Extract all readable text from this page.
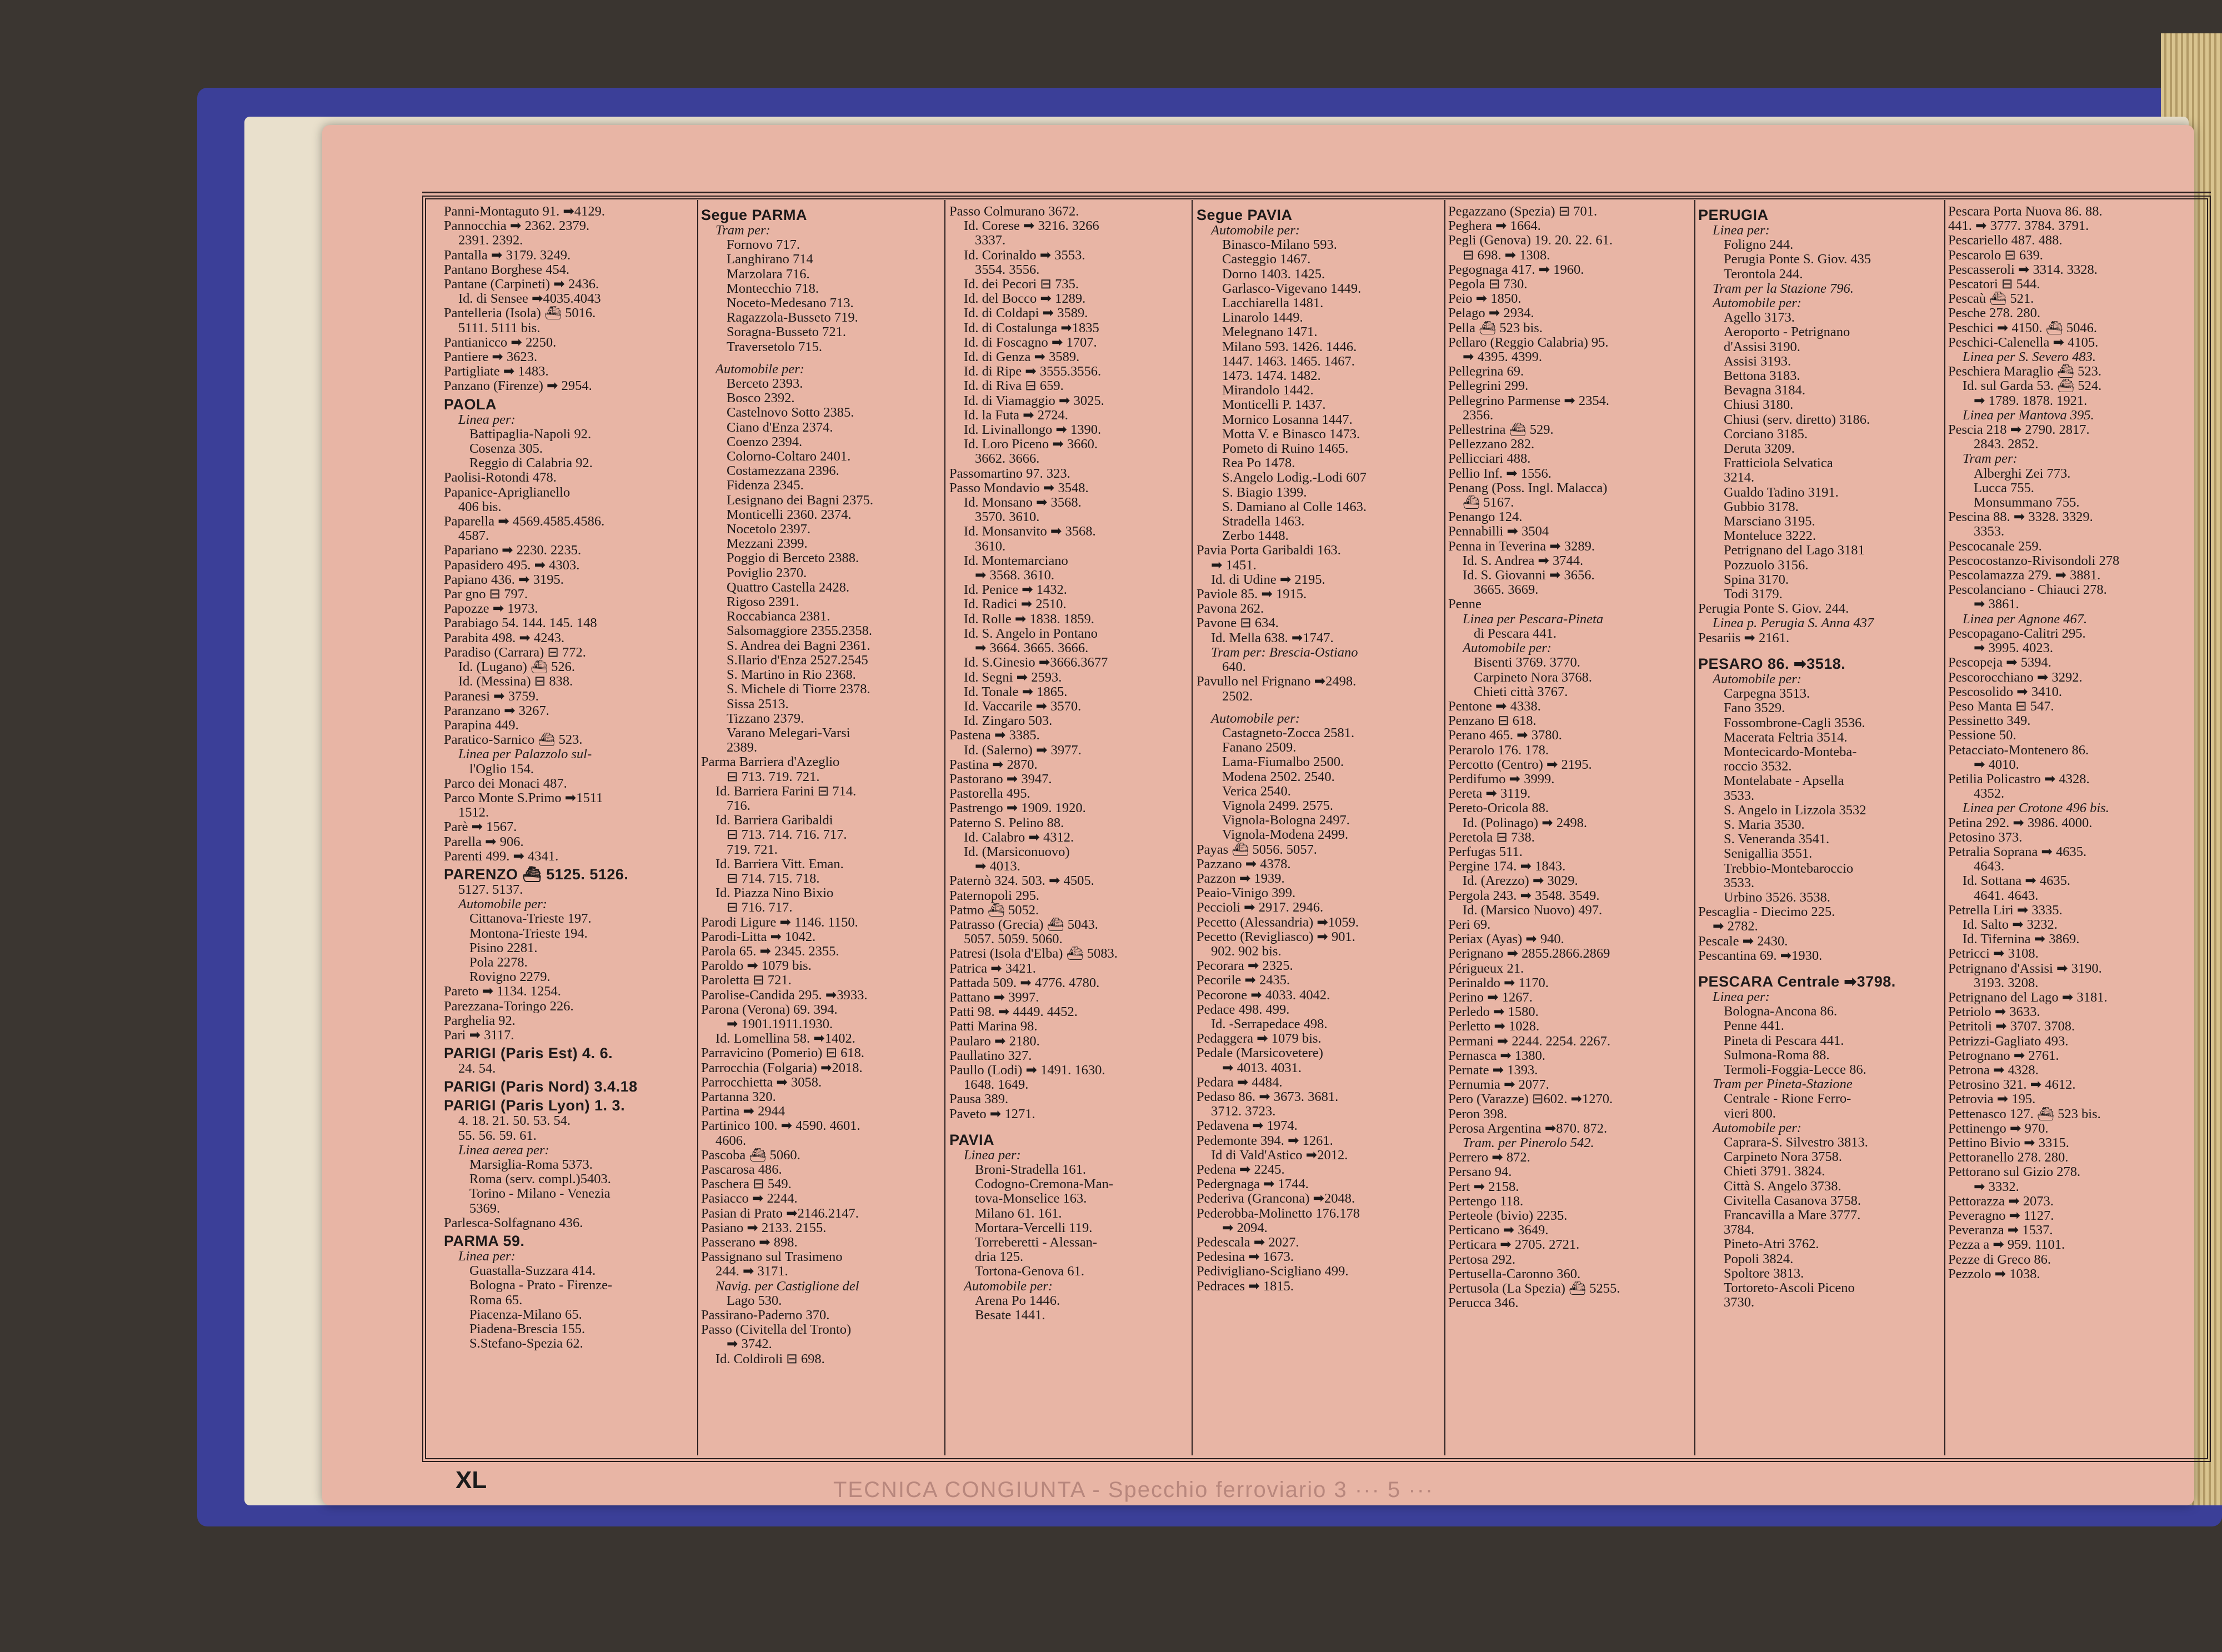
Panni-Montaguto 91. ➡4129.
Pannocchia ➡ 2362. 2379.
2391. 2392.
Pantalla ➡ 3179. 3249.
Pantano Borghese 454.
Pantane (Carpineti) ➡ 2436.
Id. di Sensee ➡4035.4043
Pantelleria (Isola) ⛴ 5016.
5111. 5111 bis.
Pantianicco ➡ 2250.
Pantiere ➡ 3623.
Partigliate ➡ 1483.
Panzano (Firenze) ➡ 2954.
PAOLA
Linea per:
Battipaglia-Napoli 92.
Cosenza 305.
Reggio di Calabria 92.
Paolisi-Rotondi 478.
Papanice-Apriglianello
406 bis.
Paparella ➡ 4569.4585.4586.
4587.
Papariano ➡ 2230. 2235.
Papasidero 495. ➡ 4303.
Papiano 436. ➡ 3195.
Par gno ⊟ 797.
Papozze ➡ 1973.
Parabiago 54. 144. 145. 148
Parabita 498. ➡ 4243.
Paradiso (Carrara) ⊟ 772.
Id. (Lugano) ⛴ 526.
Id. (Messina) ⊟ 838.
Paranesi ➡ 3759.
Paranzano ➡ 3267.
Parapina 449.
Paratico-Sarnico ⛴ 523.
Linea per Palazzolo sul-
l'Oglio 154.
Parco dei Monaci 487.
Parco Monte S.Primo ➡1511
1512.
Parè ➡ 1567.
Parella ➡ 906.
Parenti 499. ➡ 4341.
PARENZO ⛴ 5125. 5126.
5127. 5137.
Automobile per:
Cittanova-Trieste 197.
Montona-Trieste 194.
Pisino 2281.
Pola 2278.
Rovigno 2279.
Pareto ➡ 1134. 1254.
Parezzana-Toringo 226.
Parghelia 92.
Pari ➡ 3117.
PARIGI (Paris Est) 4. 6.
24. 54.
PARIGI (Paris Nord) 3.4.18
PARIGI (Paris Lyon) 1. 3.
4. 18. 21. 50. 53. 54.
55. 56. 59. 61.
Linea aerea per:
Marsiglia-Roma 5373.
Roma (serv. compl.)5403.
Torino - Milano - Venezia
5369.
Parlesca-Solfagnano 436.
PARMA 59.
Linea per:
Guastalla-Suzzara 414.
Bologna - Prato - Firenze-
Roma 65.
Piacenza-Milano 65.
Piadena-Brescia 155.
S.Stefano-Spezia 62.
Segue PARMA
Tram per:
Fornovo 717.
Langhirano 714
Marzolara 716.
Montecchio 718.
Noceto-Medesano 713.
Ragazzola-Busseto 719.
Soragna-Busseto 721.
Traversetolo 715.
Automobile per:
Berceto 2393.
Bosco 2392.
Castelnovo Sotto 2385.
Ciano d'Enza 2374.
Coenzo 2394.
Colorno-Coltaro 2401.
Costamezzana 2396.
Fidenza 2345.
Lesignano dei Bagni 2375.
Monticelli 2360. 2374.
Nocetolo 2397.
Mezzani 2399.
Poggio di Berceto 2388.
Poviglio 2370.
Quattro Castella 2428.
Rigoso 2391.
Roccabianca 2381.
Salsomaggiore 2355.2358.
S. Andrea dei Bagni 2361.
S.Ilario d'Enza 2527.2545
S. Martino in Rio 2368.
S. Michele di Tiorre 2378.
Sissa 2513.
Tizzano 2379.
Varano Melegari-Varsi
2389.
Parma Barriera d'Azeglio
⊟ 713. 719. 721.
Id. Barriera Farini ⊟ 714.
716.
Id. Barriera Garibaldi
⊟ 713. 714. 716. 717.
719. 721.
Id. Barriera Vitt. Eman.
⊟ 714. 715. 718.
Id. Piazza Nino Bixio
⊟ 716. 717.
Parodi Ligure ➡ 1146. 1150.
Parodi-Litta ➡ 1042.
Parola 65. ➡ 2345. 2355.
Paroldo ➡ 1079 bis.
Paroletta ⊟ 721.
Parolise-Candida 295. ➡3933.
Parona (Verona) 69. 394.
➡ 1901.1911.1930.
Id. Lomellina 58. ➡1402.
Parravicino (Pomerio) ⊟ 618.
Parrocchia (Folgaria) ➡2018.
Parrocchietta ➡ 3058.
Partanna 320.
Partina ➡ 2944
Partinico 100. ➡ 4590. 4601.
4606.
Pascoba ⛴ 5060.
Pascarosa 486.
Paschera ⊟ 549.
Pasiacco ➡ 2244.
Pasian di Prato ➡2146.2147.
Pasiano ➡ 2133. 2155.
Passerano ➡ 898.
Passignano sul Trasimeno
244. ➡ 3171.
Navig. per Castiglione del
Lago 530.
Passirano-Paderno 370.
Passo (Civitella del Tronto)
➡ 3742.
Id. Coldiroli ⊟ 698.
Passo Colmurano 3672.
Id. Corese ➡ 3216. 3266
3337.
Id. Corinaldo ➡ 3553.
3554. 3556.
Id. dei Pecori ⊟ 735.
Id. del Bocco ➡ 1289.
Id. di Coldapi ➡ 3589.
Id. di Costalunga ➡1835
Id. di Foscagno ➡ 1707.
Id. di Genza ➡ 3589.
Id. di Ripe ➡ 3555.3556.
Id. di Riva ⊟ 659.
Id. di Viamaggio ➡ 3025.
Id. la Futa ➡ 2724.
Id. Livinallongo ➡ 1390.
Id. Loro Piceno ➡ 3660.
3662. 3666.
Passomartino 97. 323.
Passo Mondavio ➡ 3548.
Id. Monsano ➡ 3568.
3570. 3610.
Id. Monsanvito ➡ 3568.
3610.
Id. Montemarciano
➡ 3568. 3610.
Id. Penice ➡ 1432.
Id. Radici ➡ 2510.
Id. Rolle ➡ 1838. 1859.
Id. S. Angelo in Pontano
➡ 3664. 3665. 3666.
Id. S.Ginesio ➡3666.3677
Id. Segni ➡ 2593.
Id. Tonale ➡ 1865.
Id. Vaccarile ➡ 3570.
Id. Zingaro 503.
Pastena ➡ 3385.
Id. (Salerno) ➡ 3977.
Pastina ➡ 2870.
Pastorano ➡ 3947.
Pastorella 495.
Pastrengo ➡ 1909. 1920.
Paterno S. Pelino 88.
Id. Calabro ➡ 4312.
Id. (Marsiconuovo)
➡ 4013.
Paternò 324. 503. ➡ 4505.
Paternopoli 295.
Patmo ⛴ 5052.
Patrasso (Grecia) ⛴ 5043.
5057. 5059. 5060.
Patresi (Isola d'Elba) ⛴ 5083.
Patrica ➡ 3421.
Pattada 509. ➡ 4776. 4780.
Pattano ➡ 3997.
Patti 98. ➡ 4449. 4452.
Patti Marina 98.
Paularo ➡ 2180.
Paullatino 327.
Paullo (Lodi) ➡ 1491. 1630.
1648. 1649.
Pausa 389.
Paveto ➡ 1271.
PAVIA
Linea per:
Broni-Stradella 161.
Codogno-Cremona-Man-
tova-Monselice 163.
Milano 61. 161.
Mortara-Vercelli 119.
Torreberetti - Alessan-
dria 125.
Tortona-Genova 61.
Automobile per:
Arena Po 1446.
Besate 1441.
Segue PAVIA
Automobile per:
Binasco-Milano 593.
Casteggio 1467.
Dorno 1403. 1425.
Garlasco-Vigevano 1449.
Lacchiarella 1481.
Linarolo 1449.
Melegnano 1471.
Milano 593. 1426. 1446.
1447. 1463. 1465. 1467.
1473. 1474. 1482.
Mirandolo 1442.
Monticelli P. 1437.
Mornico Losanna 1447.
Motta V. e Binasco 1473.
Pometo di Ruino 1465.
Rea Po 1478.
S.Angelo Lodig.-Lodi 607
S. Biagio 1399.
S. Damiano al Colle 1463.
Stradella 1463.
Zerbo 1448.
Pavia Porta Garibaldi 163.
➡ 1451.
Id. di Udine ➡ 2195.
Paviole 85. ➡ 1915.
Pavona 262.
Pavone ⊟ 634.
Id. Mella 638. ➡1747.
Tram per: Brescia-Ostiano
640.
Pavullo nel Frignano ➡2498.
2502.
Automobile per:
Castagneto-Zocca 2581.
Fanano 2509.
Lama-Fiumalbo 2500.
Modena 2502. 2540.
Verica 2540.
Vignola 2499. 2575.
Vignola-Bologna 2497.
Vignola-Modena 2499.
Payas ⛴ 5056. 5057.
Pazzano ➡ 4378.
Pazzon ➡ 1939.
Peaio-Vinigo 399.
Peccioli ➡ 2917. 2946.
Pecetto (Alessandria) ➡1059.
Pecetto (Revigliasco) ➡ 901.
902. 902 bis.
Pecorara ➡ 2325.
Pecorile ➡ 2435.
Pecorone ➡ 4033. 4042.
Pedace 498. 499.
Id. -Serrapedace 498.
Pedaggera ➡ 1079 bis.
Pedale (Marsicovetere)
➡ 4013. 4031.
Pedara ➡ 4484.
Pedaso 86. ➡ 3673. 3681.
3712. 3723.
Pedavena ➡ 1974.
Pedemonte 394. ➡ 1261.
Id di Vald'Astico ➡2012.
Pedena ➡ 2245.
Pedergnaga ➡ 1744.
Pederiva (Grancona) ➡2048.
Pederobba-Molinetto 176.178
➡ 2094.
Pedescala ➡ 2027.
Pedesina ➡ 1673.
Pedivigliano-Scigliano 499.
Pedraces ➡ 1815.
Pegazzano (Spezia) ⊟ 701.
Peghera ➡ 1664.
Pegli (Genova) 19. 20. 22. 61.
⊟ 698. ➡ 1308.
Pegognaga 417. ➡ 1960.
Pegola ⊟ 730.
Peio ➡ 1850.
Pelago ➡ 2934.
Pella ⛴ 523 bis.
Pellaro (Reggio Calabria) 95.
➡ 4395. 4399.
Pellegrina 69.
Pellegrini 299.
Pellegrino Parmense ➡ 2354.
2356.
Pellestrina ⛴ 529.
Pellezzano 282.
Pellicciari 488.
Pellio Inf. ➡ 1556.
Penang (Poss. Ingl. Malacca)
⛴ 5167.
Penango 124.
Pennabilli ➡ 3504
Penna in Teverina ➡ 3289.
Id. S. Andrea ➡ 3744.
Id. S. Giovanni ➡ 3656.
3665. 3669.
Penne
Linea per Pescara-Pineta
di Pescara 441.
Automobile per:
Bisenti 3769. 3770.
Carpineto Nora 3768.
Chieti città 3767.
Pentone ➡ 4338.
Penzano ⊟ 618.
Perano 465. ➡ 3780.
Perarolo 176. 178.
Percotto (Centro) ➡ 2195.
Perdifumo ➡ 3999.
Pereta ➡ 3119.
Pereto-Oricola 88.
Id. (Polinago) ➡ 2498.
Peretola ⊟ 738.
Perfugas 511.
Pergine 174. ➡ 1843.
Id. (Arezzo) ➡ 3029.
Pergola 243. ➡ 3548. 3549.
Id. (Marsico Nuovo) 497.
Peri 69.
Periax (Ayas) ➡ 940.
Perignano ➡ 2855.2866.2869
Périgueux 21.
Perinaldo ➡ 1170.
Perino ➡ 1267.
Perledo ➡ 1580.
Perletto ➡ 1028.
Permani ➡ 2244. 2254. 2267.
Pernasca ➡ 1380.
Pernate ➡ 1393.
Pernumia ➡ 2077.
Pero (Varazze) ⊟602. ➡1270.
Peron 398.
Perosa Argentina ➡870. 872.
Tram. per Pinerolo 542.
Perrero ➡ 872.
Persano 94.
Pert ➡ 2158.
Pertengo 118.
Perteole (bivio) 2235.
Perticano ➡ 3649.
Perticara ➡ 2705. 2721.
Pertosa 292.
Pertusella-Caronno 360.
Pertusola (La Spezia) ⛴ 5255.
Perucca 346.
PERUGIA
Linea per:
Foligno 244.
Perugia Ponte S. Giov. 435
Terontola 244.
Tram per la Stazione 796.
Automobile per:
Agello 3173.
Aeroporto - Petrignano
d'Assisi 3190.
Assisi 3193.
Bettona 3183.
Bevagna 3184.
Chiusi 3180.
Chiusi (serv. diretto) 3186.
Corciano 3185.
Deruta 3209.
Fratticiola Selvatica
3214.
Gualdo Tadino 3191.
Gubbio 3178.
Marsciano 3195.
Monteluce 3222.
Petrignano del Lago 3181
Pozzuolo 3156.
Spina 3170.
Todi 3179.
Perugia Ponte S. Giov. 244.
Linea p. Perugia S. Anna 437
Pesariis ➡ 2161.
PESARO 86. ➡3518.
Automobile per:
Carpegna 3513.
Fano 3529.
Fossombrone-Cagli 3536.
Macerata Feltria 3514.
Montecicardo-Monteba-
roccio 3532.
Montelabate - Apsella
3533.
S. Angelo in Lizzola 3532
S. Maria 3530.
S. Veneranda 3541.
Senigallia 3551.
Trebbio-Montebaroccio
3533.
Urbino 3526. 3538.
Pescaglia - Diecimo 225.
➡ 2782.
Pescale ➡ 2430.
Pescantina 69. ➡1930.
PESCARA Centrale ➡3798.
Linea per:
Bologna-Ancona 86.
Penne 441.
Pineta di Pescara 441.
Sulmona-Roma 88.
Termoli-Foggia-Lecce 86.
Tram per Pineta-Stazione
Centrale - Rione Ferro-
vieri 800.
Automobile per:
Caprara-S. Silvestro 3813.
Carpineto Nora 3758.
Chieti 3791. 3824.
Città S. Angelo 3738.
Civitella Casanova 3758.
Francavilla a Mare 3777.
3784.
Pineto-Atri 3762.
Popoli 3824.
Spoltore 3813.
Tortoreto-Ascoli Piceno
3730.
Pescara Porta Nuova 86. 88.
441. ➡ 3777. 3784. 3791.
Pescariello 487. 488.
Pescarolo ⊟ 639.
Pescasseroli ➡ 3314. 3328.
Pescatori ⊟ 544.
Pescaù ⛴ 521.
Pesche 278. 280.
Peschici ➡ 4150. ⛴ 5046.
Peschici-Calenella ➡ 4105.
Linea per S. Severo 483.
Peschiera Maraglio ⛴ 523.
Id. sul Garda 53. ⛴ 524.
➡ 1789. 1878. 1921.
Linea per Mantova 395.
Pescia 218 ➡ 2790. 2817.
2843. 2852.
Tram per:
Alberghi Zei 773.
Lucca 755.
Monsummano 755.
Pescina 88. ➡ 3328. 3329.
3353.
Pescocanale 259.
Pescocostanzo-Rivisondoli 278
Pescolamazza 279. ➡ 3881.
Pescolanciano - Chiauci 278.
➡ 3861.
Linea per Agnone 467.
Pescopagano-Calitri 295.
➡ 3995. 4023.
Pescopeja ➡ 5394.
Pescorocchiano ➡ 3292.
Pescosolido ➡ 3410.
Peso Manta ⊟ 547.
Pessinetto 349.
Pessione 50.
Petacciato-Montenero 86.
➡ 4010.
Petilia Policastro ➡ 4328.
4352.
Linea per Crotone 496 bis.
Petina 292. ➡ 3986. 4000.
Petosino 373.
Petralia Soprana ➡ 4635.
4643.
Id. Sottana ➡ 4635.
4641. 4643.
Petrella Liri ➡ 3335.
Id. Salto ➡ 3232.
Id. Tifernina ➡ 3869.
Petricci ➡ 3108.
Petrignano d'Assisi ➡ 3190.
3193. 3208.
Petrignano del Lago ➡ 3181.
Petriolo ➡ 3633.
Petritoli ➡ 3707. 3708.
Petrizzi-Gagliato 493.
Petrognano ➡ 2761.
Petrona ➡ 4328.
Petrosino 321. ➡ 4612.
Petrovia ➡ 195.
Pettenasco 127. ⛴ 523 bis.
Pettinengo ➡ 970.
Pettino Bivio ➡ 3315.
Pettoranello 278. 280.
Pettorano sul Gizio 278.
➡ 3332.
Pettorazza ➡ 2073.
Peveragno ➡ 1127.
Peveranza ➡ 1537.
Pezza a ➡ 959. 1101.
Pezze di Greco 86.
Pezzolo ➡ 1038.
XL	TECNICA CONGIUNTA - Specchio ferroviario 3 ··· 5 ···
